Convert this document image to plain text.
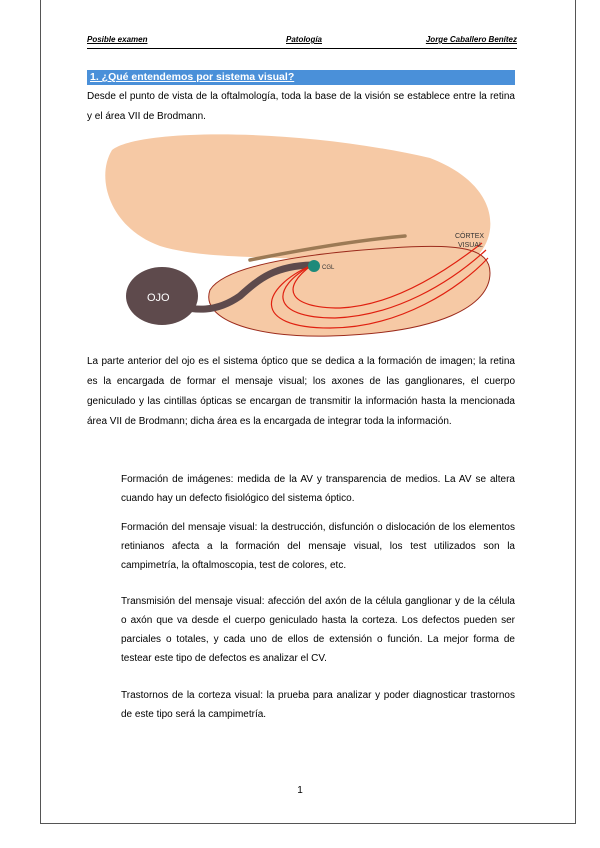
Posible examen	Patología	Jorge Caballero Benítez
1. ¿Qué entendemos por sistema visual?
Desde el punto de vista de la oftalmología, toda la base de la visión se establece entre la retina y el área VII de Brodmann.
OJO
CGL
CÓRTEX
VISUAL
La parte anterior del ojo es el sistema óptico que se dedica a la formación de imagen; la retina es la encargada de formar el mensaje visual; los axones de las ganglionares, el cuerpo geniculado y las cintillas ópticas se encargan de transmitir la información hasta la mencionada área VII de Brodmann; dicha área es la encargada de integrar toda la información.
Formación de imágenes: medida de la AV y transparencia de medios. La AV se altera cuando hay un defecto fisiológico del sistema óptico.
Formación del mensaje visual: la destrucción, disfunción o dislocación de los elementos retinianos afecta a la formación del mensaje visual, los test utilizados son la campimetría, la oftalmoscopia, test de colores, etc.
Transmisión del mensaje visual: afección del axón de la célula ganglionar y de la célula o axón que va desde el cuerpo geniculado hasta la corteza. Los defectos pueden ser parciales o totales, y cada uno de ellos de extensión o función. La mejor forma de testear este tipo de defectos es analizar el CV.
Trastornos de la corteza visual: la prueba para analizar y poder diagnosticar trastornos de este tipo será la campimetría.
1
